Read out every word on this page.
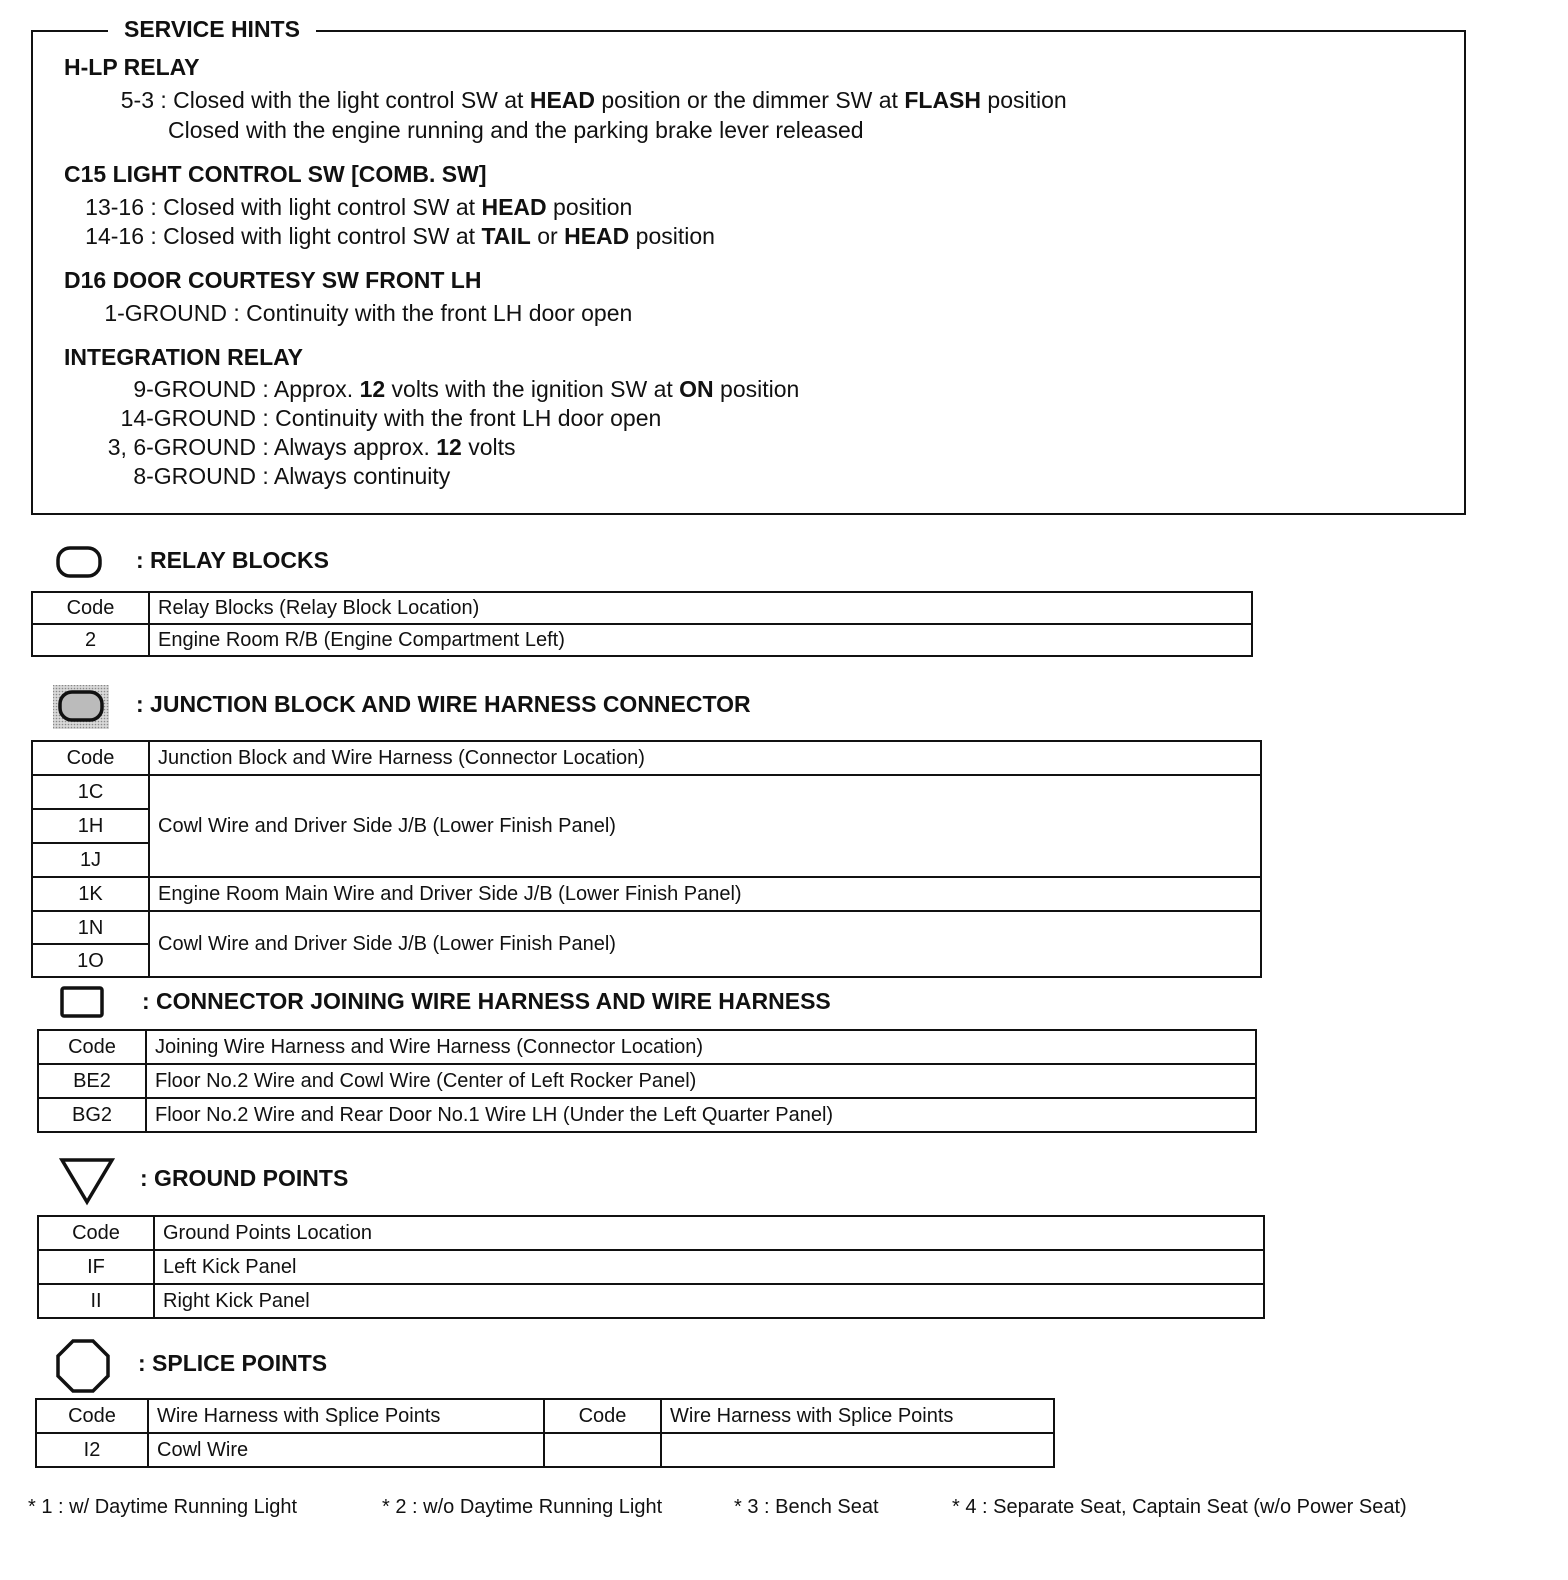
SERVICE HINTS
H-LP RELAY
5-3 : Closed with the light control SW at HEAD position or the dimmer SW at FLASH position
Closed with the engine running and the parking brake lever released
C15 LIGHT CONTROL SW [COMB. SW]
13-16 : Closed with light control SW at HEAD position
14-16 : Closed with light control SW at TAIL or HEAD position
D16 DOOR COURTESY SW FRONT LH
1-GROUND : Continuity with the front LH door open
INTEGRATION RELAY
9-GROUND : Approx. 12 volts with the ignition SW at ON position
14-GROUND : Continuity with the front LH door open
3, 6-GROUND : Always approx. 12 volts
8-GROUND : Always continuity
: RELAY BLOCKS
Code	Relay Blocks (Relay Block Location)
2	Engine Room R/B (Engine Compartment Left)
: JUNCTION BLOCK AND WIRE HARNESS CONNECTOR
Code	Junction Block and Wire Harness (Connector Location)
1C	Cowl Wire and Driver Side J/B (Lower Finish Panel)
1H	
1J	
1K	Engine Room Main Wire and Driver Side J/B (Lower Finish Panel)
1N	Cowl Wire and Driver Side J/B (Lower Finish Panel)
1O	
: CONNECTOR JOINING WIRE HARNESS AND WIRE HARNESS
Code	Joining Wire Harness and Wire Harness (Connector Location)
BE2	Floor No.2 Wire and Cowl Wire (Center of Left Rocker Panel)
BG2	Floor No.2 Wire and Rear Door No.1 Wire LH (Under the Left Quarter Panel)
: GROUND POINTS
Code	Ground Points Location
IF	Left Kick Panel
II	Right Kick Panel
: SPLICE POINTS
Code	Wire Harness with Splice Points	Code	Wire Harness with Splice Points
I2	Cowl Wire		
* 1 : w/ Daytime Running Light	* 2 : w/o Daytime Running Light	* 3 : Bench Seat	* 4 : Separate Seat, Captain Seat (w/o Power Seat)
